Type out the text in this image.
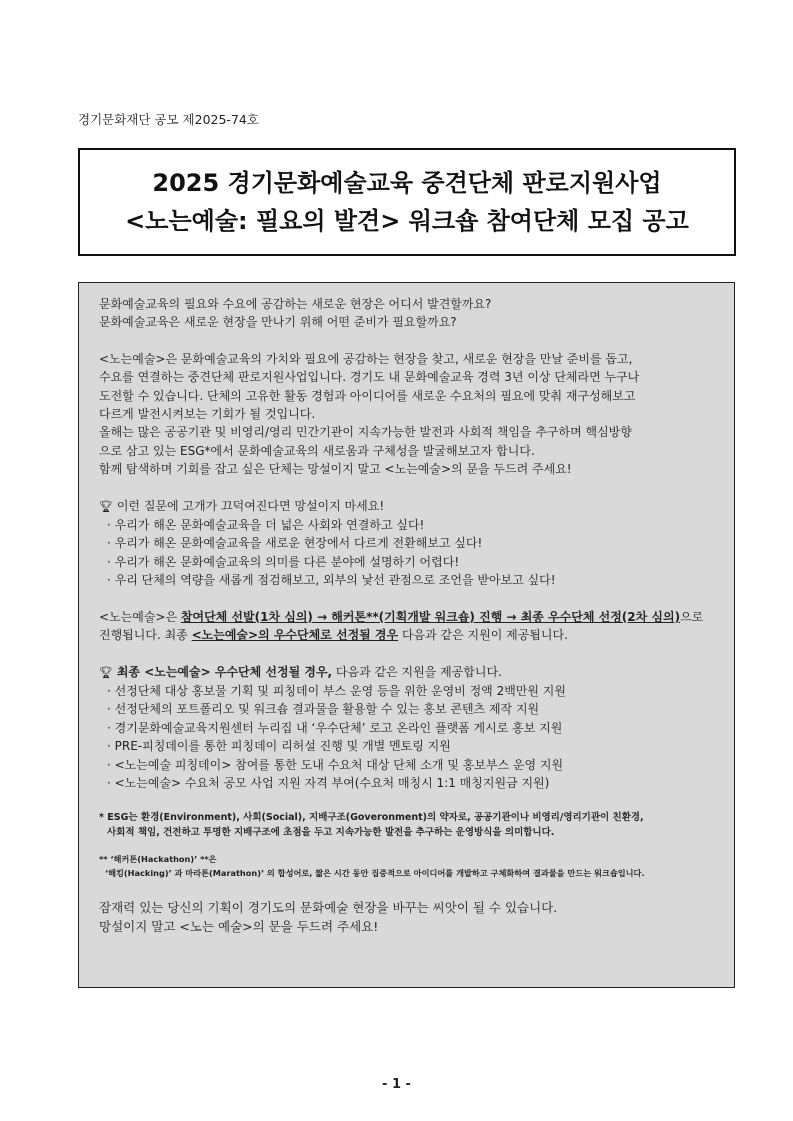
경기문화재단 공모 제2025-74호
2025 경기문화예술교육 중견단체 판로지원사업
<노는예술: 필요의 발견> 워크숍 참여단체 모집 공고

문화예술교육의 필요와 수요에 공감하는 새로운 현장은 어디서 발견할까요?

문화예술교육은 새로운 현장을 만나기 위해 어떤 준비가 필요할까요?

<노는예술>은 문화예술교육의 가치와 필요에 공감하는 현장을 찾고, 새로운 현장을 만날 준비를 돕고,

수요를 연결하는 중견단체 판로지원사업입니다. 경기도 내 문화예술교육 경력 3년 이상 단체라면 누구나

도전할 수 있습니다. 단체의 고유한 활동 경험과 아이디어를 새로운 수요처의 필요에 맞춰 재구성해보고

다르게 발전시켜보는 기회가 될 것입니다.

올해는 많은 공공기관 및 비영리/영리 민간기관이 지속가능한 발전과 사회적 책임을 추구하며 핵심방향

으로 삼고 있는 ESG*에서 문화예술교육의 새로움과 구체성을 발굴해보고자 합니다.

함께 탐색하며 기회를 잡고 싶은 단체는 망설이지 말고 <노는예술>의 문을 두드려 주세요!

🏆︎ 이런 질문에 고개가 끄덕여진다면 망설이지 마세요!

· 우리가 해온 문화예술교육을 더 넓은 사회와 연결하고 싶다!

· 우리가 해온 문화예술교육을 새로운 현장에서 다르게 전환해보고 싶다!

· 우리가 해온 문화예술교육의 의미를 다른 분야에 설명하기 어렵다!

· 우리 단체의 역량을 새롭게 점검해보고, 외부의 낯선 관점으로 조언을 받아보고 싶다!

<노는예술>은 참여단체 선발(1차 심의) → 해커톤**(기획개발 워크숍) 진행 → 최종 우수단체 선정(2차 심의)으로

진행됩니다. 최종 <노는예술>의 우수단체로 선정될 경우 다음과 같은 지원이 제공됩니다.

🏆︎ 최종 <노는예술> 우수단체 선정될 경우, 다음과 같은 지원을 제공합니다.

· 선정단체 대상 홍보물 기획 및 피칭데이 부스 운영 등을 위한 운영비 정액 2백만원 지원

· 선정단체의 포트폴리오 및 워크숍 결과물을 활용할 수 있는 홍보 콘텐츠 제작 지원

· 경기문화예술교육지원센터 누리집 내 ‘우수단체’ 로고 온라인 플랫폼 게시로 홍보 지원

· PRE-피칭데이를 통한 피칭데이 리허설 진행 및 개별 멘토링 지원

· <노는예술 피칭데이> 참여를 통한 도내 수요처 대상 단체 소개 및 홍보부스 운영 지원

· <노는예술> 수요처 공모 사업 지원 자격 부여(수요처 매칭시 1:1 매칭지원금 지원)

* ESG는 환경(Environment), 사회(Social), 지배구조(Goveronment)의 약자로, 공공기관이나 비영리/영리기관이 친환경,

사회적 책임, 건전하고 투명한 지배구조에 초점을 두고 지속가능한 발전을 추구하는 운영방식을 의미합니다.

** ‘해커톤(Hackathon)’ **은

‘해킹(Hacking)’ 과 마라톤(Marathon)’ 의 합성어로, 짧은 시간 동안 집중적으로 아이디어를 개발하고 구체화하여 결과물을 만드는 워크숍입니다.

잠재력 있는 당신의 기획이 경기도의 문화예술 현장을 바꾸는 씨앗이 될 수 있습니다.

망설이지 말고 <노는 예술>의 문을 두드려 주세요!

- 1 -
